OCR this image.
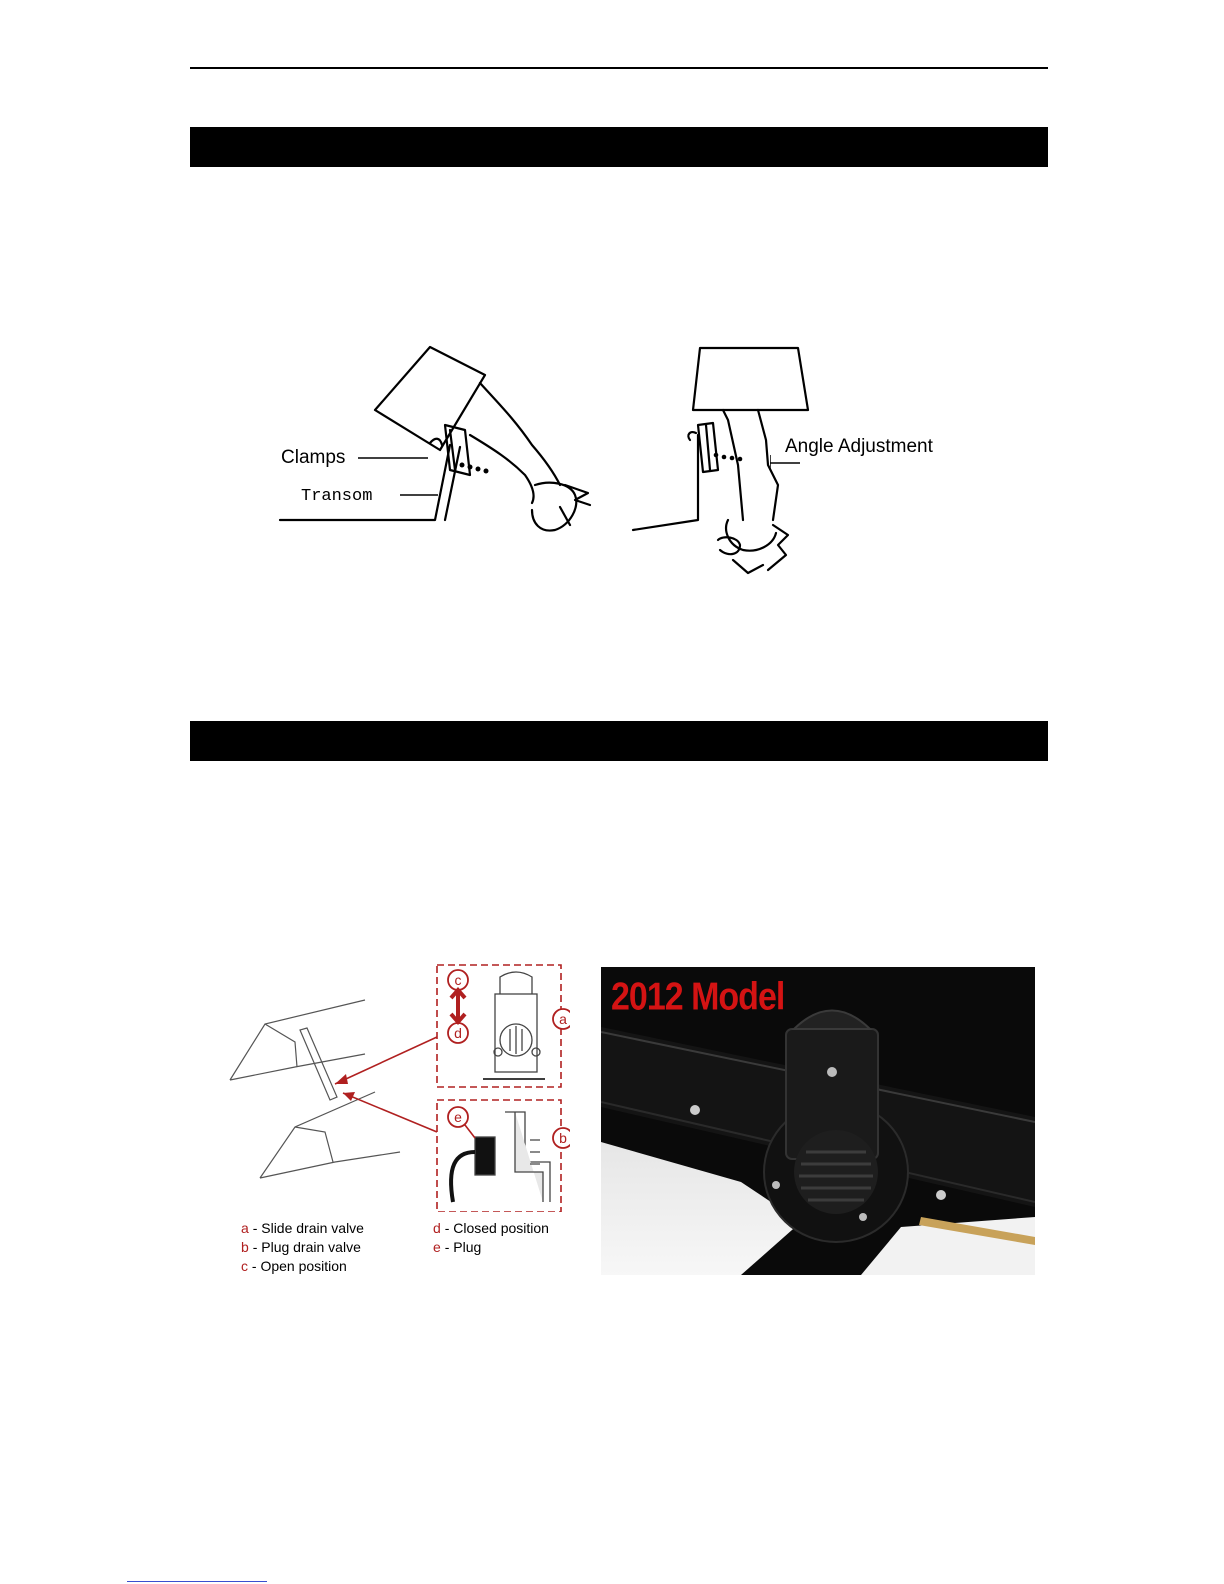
Clamps
Transom
Angle Adjustment
c
d
a
e
b
a - Slide drain valve
b - Plug drain valve
c - Open position
d - Closed position
e - Plug
2012 Model
